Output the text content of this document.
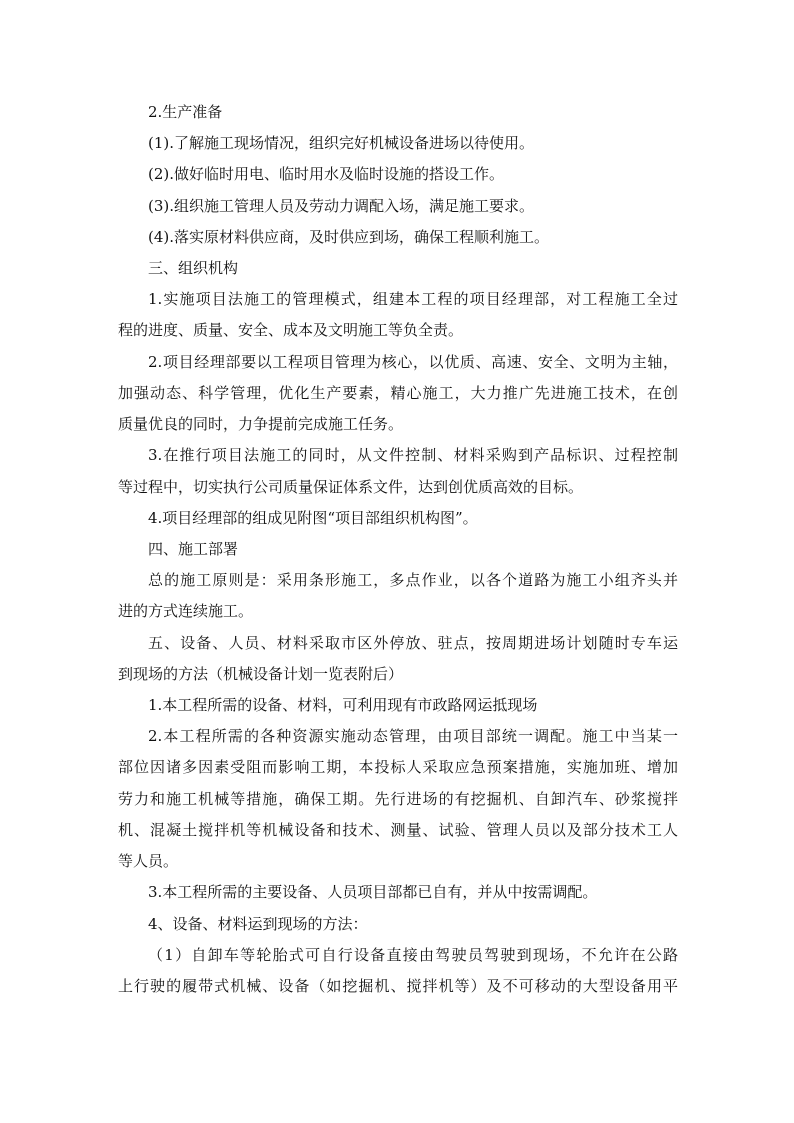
2.生产准备
(1).了解施工现场情况，组织完好机械设备进场以待使用。
(2).做好临时用电、临时用水及临时设施的搭设工作。
(3).组织施工管理人员及劳动力调配入场，满足施工要求。
(4).落实原材料供应商，及时供应到场，确保工程顺利施工。
三、组织机构
1.实施项目法施工的管理模式，组建本工程的项目经理部，对工程施工全过
程的进度、质量、安全、成本及文明施工等负全责。
2.项目经理部要以工程项目管理为核心，以优质、高速、安全、文明为主轴，
加强动态、科学管理，优化生产要素，精心施工，大力推广先进施工技术，在创
质量优良的同时，力争提前完成施工任务。
3.在推行项目法施工的同时，从文件控制、材料采购到产品标识、过程控制
等过程中，切实执行公司质量保证体系文件，达到创优质高效的目标。
4.项目经理部的组成见附图“项目部组织机构图”。
四、施工部署
总的施工原则是：采用条形施工，多点作业，以各个道路为施工小组齐头并
进的方式连续施工。
五、设备、人员、材料采取市区外停放、驻点，按周期进场计划随时专车运
到现场的方法（机械设备计划一览表附后）
1.本工程所需的设备、材料，可利用现有市政路网运抵现场
2.本工程所需的各种资源实施动态管理，由项目部统一调配。施工中当某一
部位因诸多因素受阻而影响工期，本投标人采取应急预案措施，实施加班、增加
劳力和施工机械等措施，确保工期。先行进场的有挖掘机、自卸汽车、砂浆搅拌
机、混凝土搅拌机等机械设备和技术、测量、试验、管理人员以及部分技术工人
等人员。
3.本工程所需的主要设备、人员项目部都已自有，并从中按需调配。
4、设备、材料运到现场的方法：
（1）自卸车等轮胎式可自行设备直接由驾驶员驾驶到现场，不允许在公路
上行驶的履带式机械、设备（如挖掘机、搅拌机等）及不可移动的大型设备用平
